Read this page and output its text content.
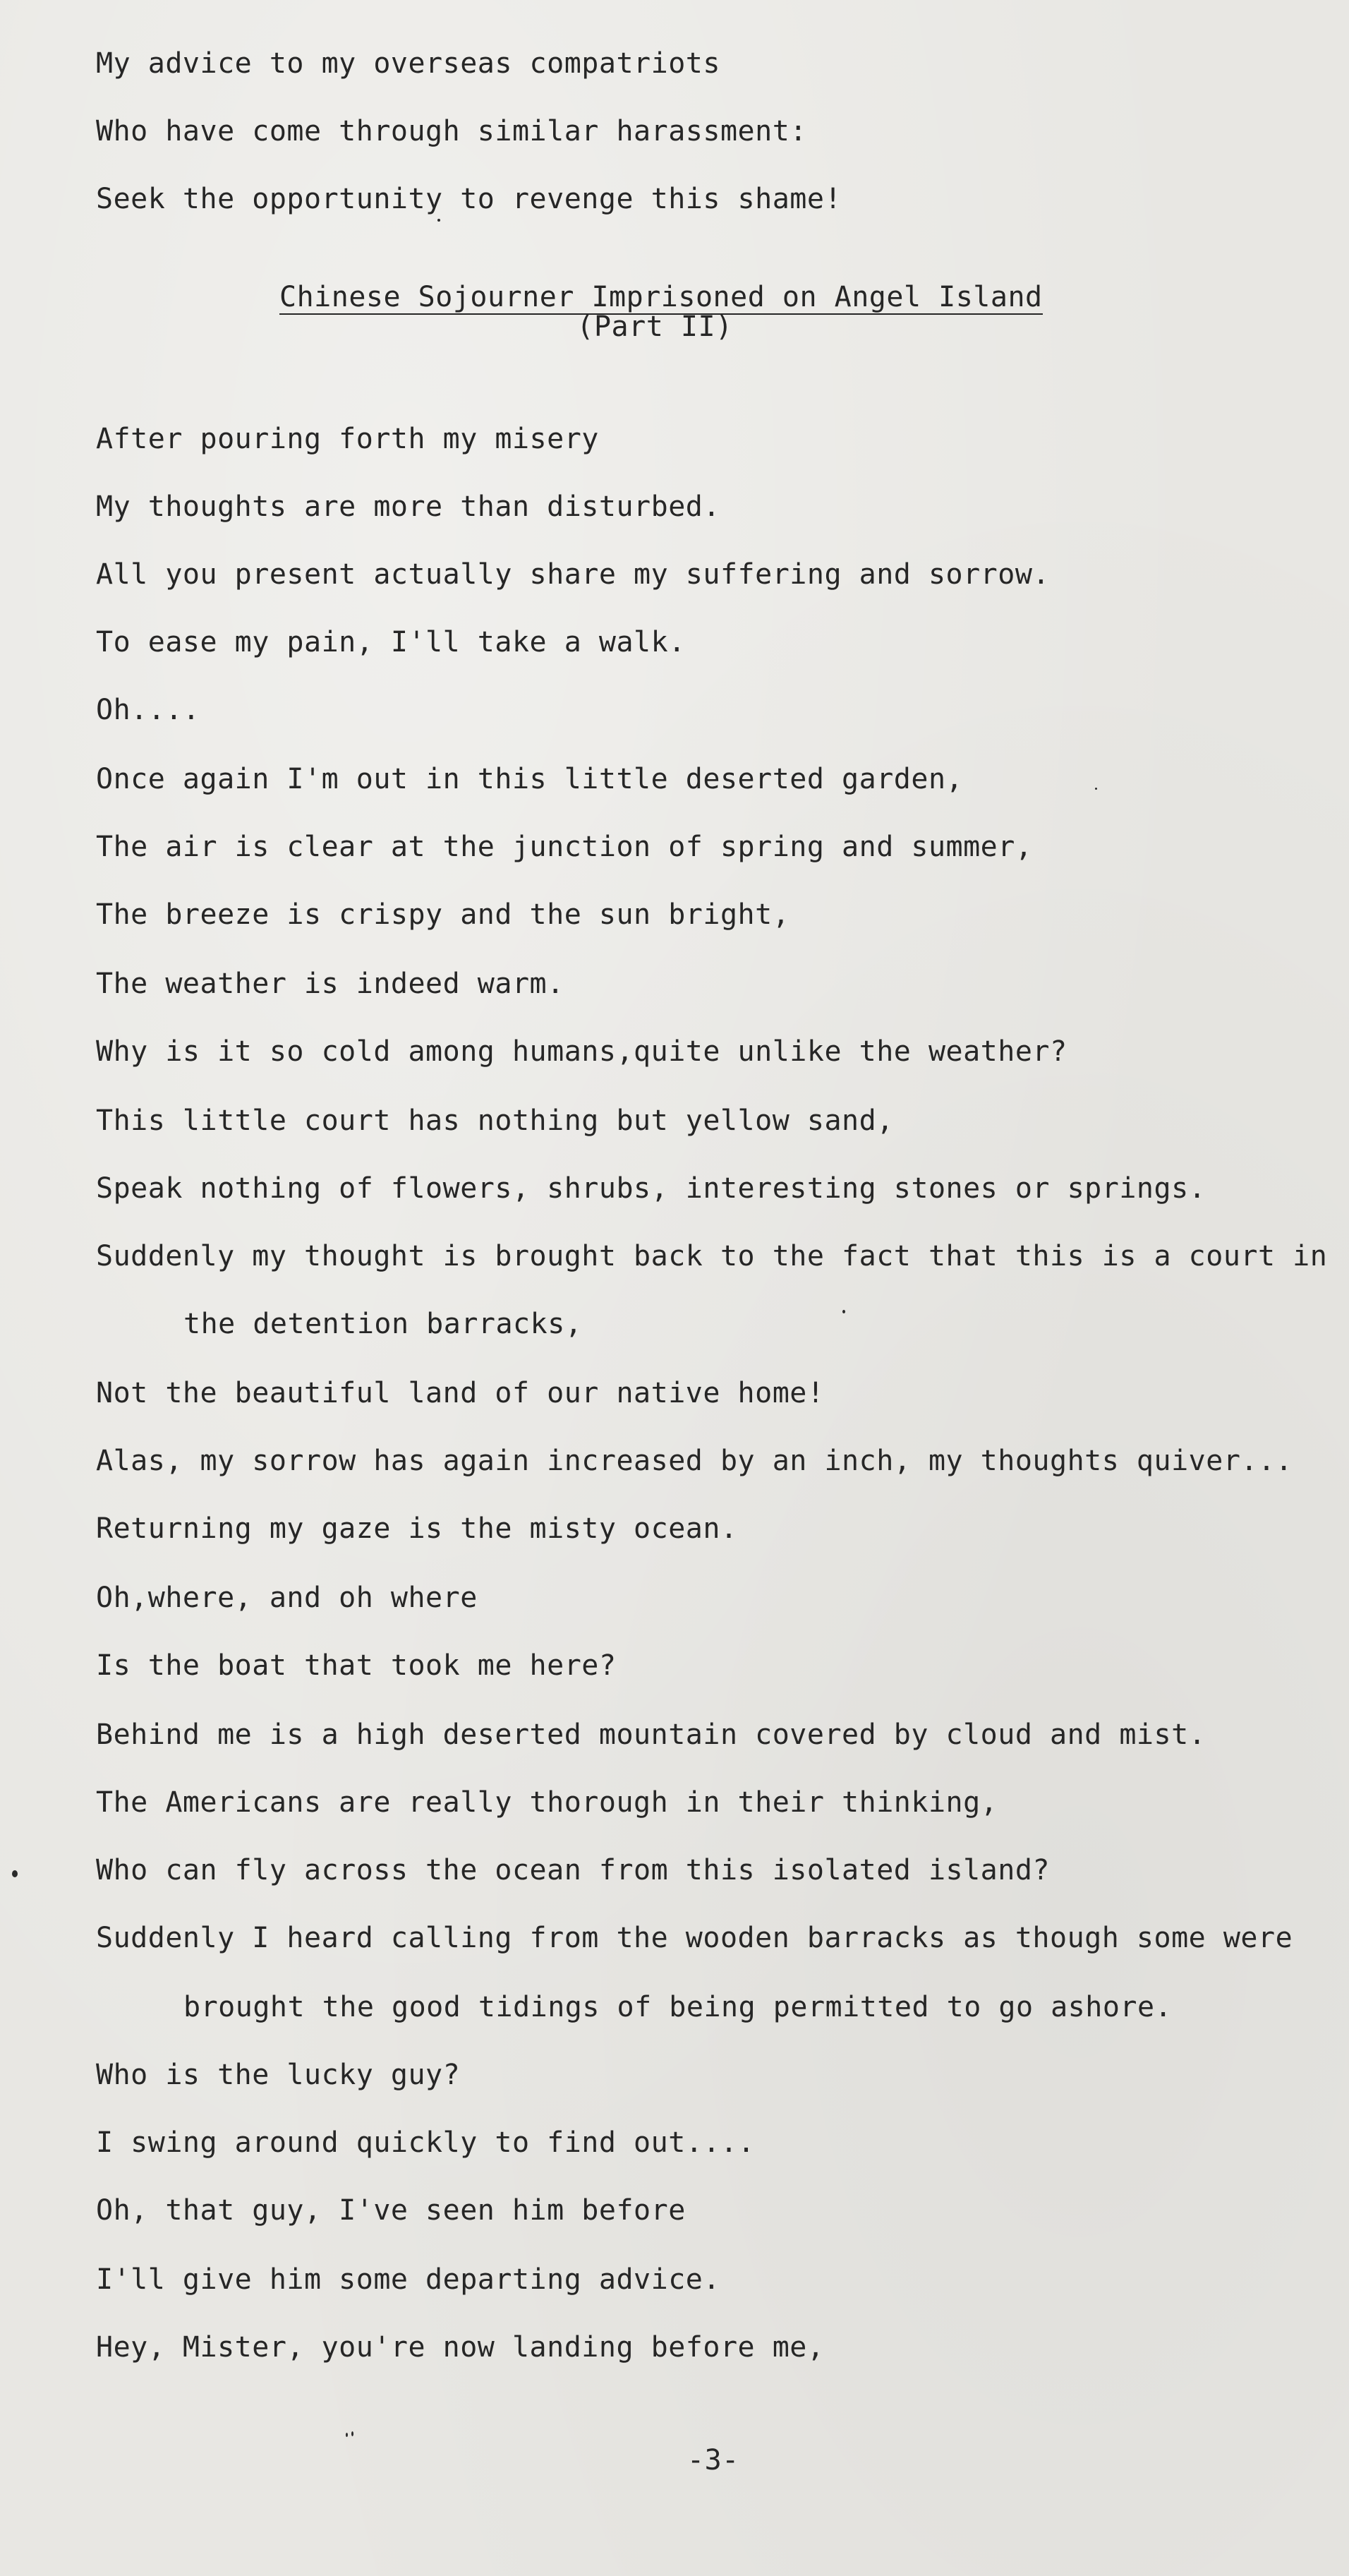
My advice to my overseas compatriots
Who have come through similar harassment:
Seek the opportunity to revenge this shame!
Chinese Sojourner Imprisoned on Angel Island
(Part II)
After pouring forth my misery
My thoughts are more than disturbed.
All you present actually share my suffering and sorrow.
To ease my pain, I'll take a walk.
Oh....
Once again I'm out in this little deserted garden,
The air is clear at the junction of spring and summer,
The breeze is crispy and the sun bright,
The weather is indeed warm.
Why is it so cold among humans,quite unlike the weather?
This little court has nothing but yellow sand,
Speak nothing of flowers, shrubs, interesting stones or springs.
Suddenly my thought is brought back to the fact that this is a court in
the detention barracks,
Not the beautiful land of our native home!
Alas, my sorrow has again increased by an inch, my thoughts quiver...
Returning my gaze is the misty ocean.
Oh,where, and oh where
Is the boat that took me here?
Behind me is a high deserted mountain covered by cloud and mist.
The Americans are really thorough in their thinking,
Who can fly across the ocean from this isolated island?
Suddenly I heard calling from the wooden barracks as though some were
brought the good tidings of being permitted to go ashore.
Who is the lucky guy?
I swing around quickly to find out....
Oh, that guy, I've seen him before
I'll give him some departing advice.
Hey, Mister, you're now landing before me,
-3-
